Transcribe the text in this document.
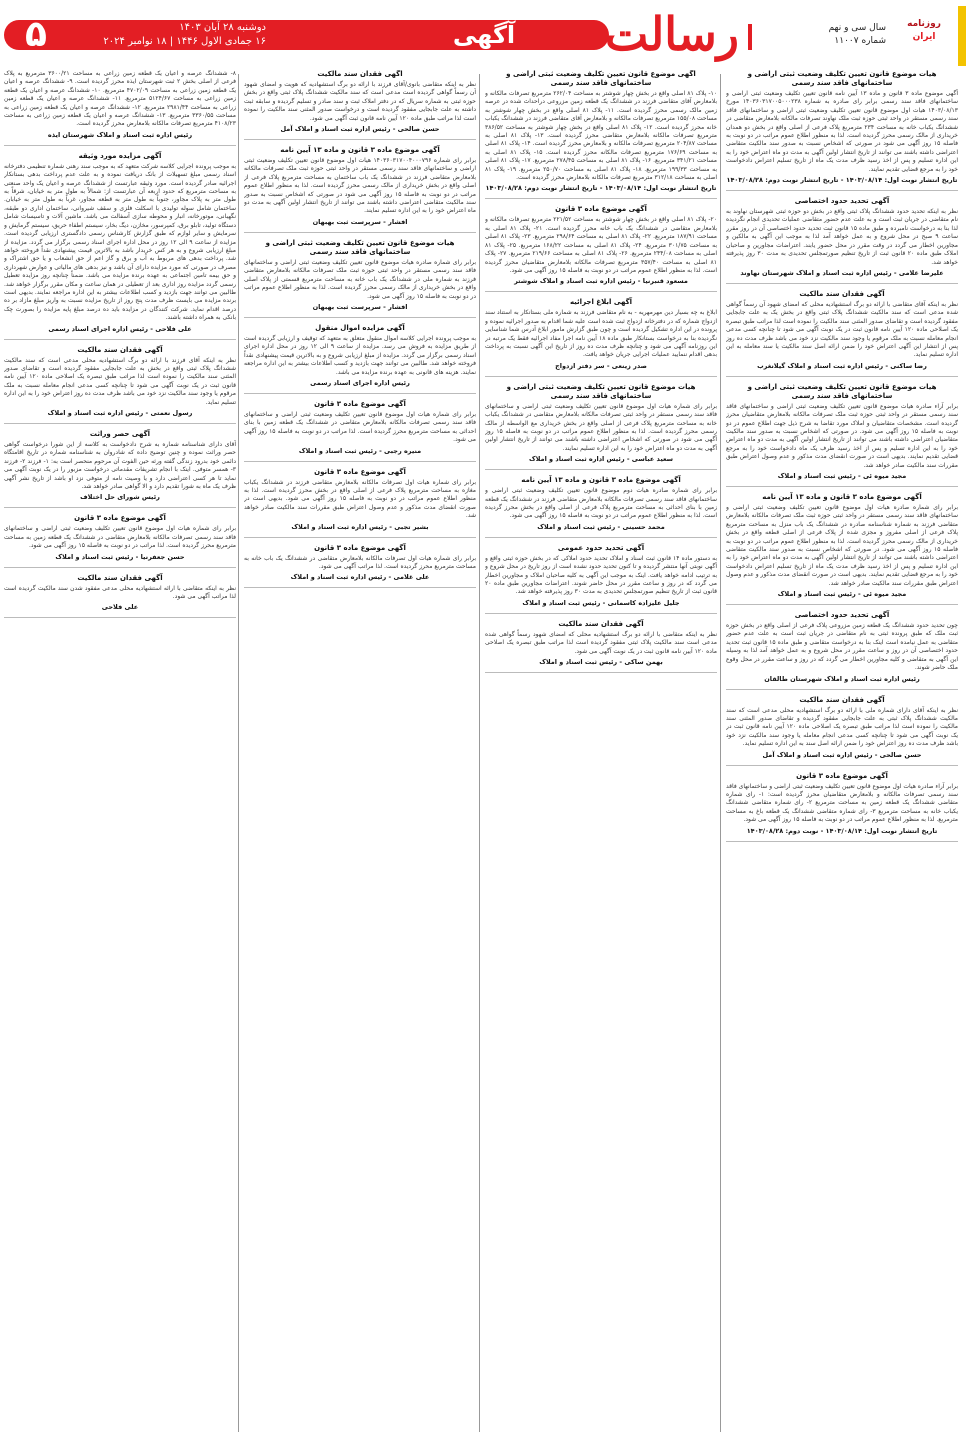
۵	دوشنبه ۲۸ آبان ۱۴۰۳
۱۶ جمادی الاول ۱۴۴۶ | ۱۸ نوامبر ۲۰۲۴	آگهی	رسالت	سال سی و نهم
شماره ۱۱۰۰۷
روزنامه
ایران
هیات موضوع قانون تعیین تکلیف وضعیت ثبتی اراضی و ساختمانهای فاقد سند رسمی

آگهی موضوع ماده ۳ قانون و ماده ۱۳ آیین نامه قانون تعیین تکلیف وضعیت ثبتی اراضی و ساختمانهای فاقد سند رسمی برابر رای صادره به شماره ۱۴۰۳۶۰۳۱۷۰۰۵۰۰۰۲۳۸ مورخ ۱۴۰۳/۰۸/۱۳ هیات اول موضوع قانون تعیین تکلیف وضعیت ثبتی اراضی و ساختمانهای فاقد سند رسمی مستقر در واحد ثبتی حوزه ثبت ملک نهاوند تصرفات مالکانه بلامعارض متقاضی در ششدانگ یکباب خانه به مساحت ۲۳۴ مترمربع پلاک فرعی از اصلی واقع در بخش دو همدان خریداری از مالک رسمی محرز گردیده است. لذا به منظور اطلاع عموم مراتب در دو نوبت به فاصله ۱۵ روز آگهی می شود در صورتی که اشخاص نسبت به صدور سند مالکیت متقاضی اعتراضی داشته باشند می توانند از تاریخ انتشار اولین آگهی به مدت دو ماه اعتراض خود را به این اداره تسلیم و پس از اخذ رسید ظرف مدت یک ماه از تاریخ تسلیم اعتراض دادخواست خود را به مرجع قضایی تقدیم نمایند.

تاریخ انتشار نوبت اول: ۱۴۰۳/۰۸/۱۴ - تاریخ انتشار نوبت دوم: ۱۴۰۳/۰۸/۲۸
آگهی تحدید حدود اختصاصی

نظر به اینکه تحدید حدود ششدانگ پلاک ثبتی واقع در بخش دو حوزه ثبتی شهرستان نهاوند به نام متقاضی در جریان ثبت است و به علت عدم حضور متقاضی عملیات تحدیدی انجام نگردیده لذا بنا به درخواست نامبرده و طبق ماده ۱۵ قانون ثبت تحدید حدود اختصاصی آن در روز مقرر ساعت ۹ صبح در محل شروع و به عمل خواهد آمد لذا به موجب این آگهی به مالکین و مجاورین اخطار می گردد در وقت مقرر در محل حضور یابند. اعتراضات مجاورین و صاحبان املاک طبق ماده ۲۰ قانون ثبت از تاریخ تنظیم صورتمجلس تحدیدی به مدت ۳۰ روز پذیرفته خواهد شد.

علیرضا غلامی - رئیس اداره ثبت اسناد و املاک شهرستان نهاوند
آگهی فقدان سند مالکیت

نظر به اینکه آقای متقاضی با ارائه دو برگ استشهادیه محلی که امضای شهود آن رسماً گواهی شده مدعی است که سند مالکیت ششدانگ پلاک ثبتی واقع در بخش یک به علت جابجایی مفقود گردیده است و تقاضای صدور المثنی سند مالکیت را نموده است لذا مراتب طبق تبصره یک اصلاحی ماده ۱۲۰ آیین نامه قانون ثبت در یک نوبت آگهی می شود تا چنانچه کسی مدعی انجام معامله نسبت به ملک مرقوم یا وجود سند مالکیت نزد خود می باشد ظرف مدت ده روز پس از انتشار این آگهی اعتراض خود را ضمن ارائه اصل سند مالکیت یا سند معامله به این اداره تسلیم نماید.

رضا ساکنی - رئیس اداره ثبت اسناد و املاک گیلانغرب
هیات موضوع قانون تعیین تکلیف وضعیت ثبتی اراضی و ساختمانهای فاقد سند رسمی

برابر آراء صادره هیات موضوع قانون تعیین تکلیف وضعیت ثبتی اراضی و ساختمانهای فاقد سند رسمی مستقر در واحد ثبتی حوزه ثبت ملک تصرفات مالکانه بلامعارض متقاضیان محرز گردیده است. مشخصات متقاضیان و املاک مورد تقاضا به شرح ذیل جهت اطلاع عموم در دو نوبت به فاصله ۱۵ روز آگهی می شود. در صورتی که اشخاص نسبت به صدور سند مالکیت متقاضیان اعتراضی داشته باشند می توانند از تاریخ انتشار اولین آگهی به مدت دو ماه اعتراض خود را به این اداره تسلیم و پس از اخذ رسید ظرف یک ماه دادخواست خود را به مرجع قضایی تقدیم نمایند. بدیهی است در صورت انقضای مدت مذکور و عدم وصول اعتراض طبق مقررات سند مالکیت صادر خواهد شد.

مجید میوه ئی - رئیس ثبت اسناد و املاک
آگهی موضوع ماده ۳ قانون و ماده ۱۳ آیین نامه

برابر رای شماره صادره هیات اول موضوع قانون تعیین تکلیف وضعیت ثبتی اراضی و ساختمانهای فاقد سند رسمی مستقر در واحد ثبتی حوزه ثبت ملک تصرفات مالکانه بلامعارض متقاضی فرزند به شماره شناسنامه صادره در ششدانگ یک باب منزل به مساحت مترمربع پلاک فرعی از اصلی مفروز و مجزی شده از پلاک فرعی از اصلی قطعه واقع در بخش خریداری از مالک رسمی محرز گردیده است. لذا به منظور اطلاع عموم مراتب در دو نوبت به فاصله ۱۵ روز آگهی می شود. در صورتی که اشخاص نسبت به صدور سند مالکیت متقاضی اعتراضی داشته باشند می توانند از تاریخ انتشار اولین آگهی به مدت دو ماه اعتراض خود را به این اداره تسلیم و پس از اخذ رسید ظرف مدت یک ماه از تاریخ تسلیم اعتراض دادخواست خود را به مرجع قضایی تقدیم نمایند. بدیهی است در صورت انقضای مدت مذکور و عدم وصول اعتراض طبق مقررات سند مالکیت صادر خواهد شد.

مجید میوه ئی - رئیس ثبت اسناد و املاک
آگهی تحدید حدود اختصاصی

چون تحدید حدود ششدانگ یک قطعه زمین مزروعی پلاک فرعی از اصلی واقع در بخش حوزه ثبت ملک که طبق پرونده ثبتی به نام متقاضی در جریان ثبت است به علت عدم حضور متقاضی به عمل نیامده است اینک بنا به درخواست متقاضی و طبق ماده ۱۵ قانون ثبت تحدید حدود اختصاصی آن در روز و ساعت مقرر در محل شروع و به عمل خواهد آمد لذا به وسیله این آگهی به متقاضی و کلیه مجاورین اخطار می گردد که در روز و ساعت مقرر در محل وقوع ملک حاضر شوند.

رئیس اداره ثبت اسناد و املاک شهرستان طالقان
آگهی فقدان سند مالکیت

نظر به اینکه آقای دارای شماره ملی با ارائه دو برگ استشهادیه محلی مدعی است که سند مالکیت ششدانگ پلاک ثبتی به علت جابجایی مفقود گردیده و تقاضای صدور المثنی سند مالکیت را نموده است لذا مراتب طبق تبصره یک اصلاحی ماده ۱۲۰ آیین نامه قانون ثبت در یک نوبت آگهی می شود تا چنانچه کسی مدعی انجام معامله یا وجود سند مالکیت نزد خود باشد ظرف مدت ده روز اعتراض خود را ضمن ارائه اصل سند به این اداره تسلیم نماید.

حسن صالحی - رئیس اداره ثبت اسناد و املاک آمل
آگهی موضوع ماده ۳ قانون

برابر آراء صادره هیات اول موضوع قانون تعیین تکلیف وضعیت ثبتی اراضی و ساختمانهای فاقد سند رسمی تصرفات مالکانه و بلامعارض متقاضیان محرز گردیده است: ۱- رای شماره متقاضی ششدانگ یک قطعه زمین به مساحت مترمربع ۲- رای شماره متقاضی ششدانگ یکباب خانه به مساحت مترمربع ۳- رای شماره متقاضی ششدانگ یک قطعه باغ به مساحت مترمربع. لذا به منظور اطلاع عموم مراتب در دو نوبت به فاصله ۱۵ روز آگهی می شود.

تاریخ انتشار نوبت اول: ۱۴۰۳/۰۸/۱۴ - نوبت دوم: ۱۴۰۳/۰۸/۲۸
آگهی موضوع قانون تعیین تکلیف وضعیت ثبتی اراضی و ساختمانهای فاقد سند رسمی

۱۰- پلاک ۸۱ اصلی واقع در بخش چهار شوشتر به مساحت ۲۶۲/۰۴ مترمربع تصرفات مالکانه و بلامعارض آقای متقاضی فرزند در ششدانگ یک قطعه زمین مزروعی دراحداث شده در عرصه زمین مالک رسمی محرز گردیده است. ۱۱- پلاک ۸۱ اصلی واقع در بخش چهار شوشتر به مساحت ۱۵۵/۰۸ مترمربع تصرفات مالکانه و بلامعارض آقای متقاضی فرزند در ششدانگ یکباب خانه محرز گردیده است. ۱۲- پلاک ۸۱ اصلی واقع در بخش چهار شوشتر به مساحت ۳۸۶/۵۲ مترمربع تصرفات مالکانه بلامعارض متقاضی محرز گردیده است. ۱۳- پلاک ۸۱ اصلی به مساحت ۲۰۴/۸۷ مترمربع تصرفات مالکانه و بلامعارض محرز گردیده است. ۱۴- پلاک ۸۱ اصلی به مساحت ۱۷۶/۶۹ مترمربع تصرفات مالکانه محرز گردیده است. ۱۵- پلاک ۸۱ اصلی به مساحت ۳۴۱/۲۱ مترمربع. ۱۶- پلاک ۸۱ اصلی به مساحت ۲۷۸/۴۵ مترمربع. ۱۷- پلاک ۸۱ اصلی به مساحت ۱۹۹/۳۳ مترمربع. ۱۸- پلاک ۸۱ اصلی به مساحت ۲۵۰/۷۰ مترمربع. ۱۹- پلاک ۸۱ اصلی به مساحت ۳۱۲/۱۸ مترمربع تصرفات مالکانه بلامعارض محرز گردیده است.

تاریخ انتشار نوبت اول: ۱۴۰۳/۰۸/۱۴ - تاریخ انتشار نوبت دوم: ۱۴۰۳/۰۸/۲۸
آگهی موضوع ماده ۳ قانون

۲۰- پلاک ۸۱ اصلی واقع در بخش چهار شوشتر به مساحت ۲۲۱/۵۲ مترمربع تصرفات مالکانه و بلامعارض متقاضی در ششدانگ یک باب خانه محرز گردیده است. ۲۱- پلاک ۸۱ اصلی به مساحت ۱۸۷/۹۱ مترمربع. ۲۲- پلاک ۸۱ اصلی به مساحت ۲۹۸/۶۴ مترمربع. ۲۳- پلاک ۸۱ اصلی به مساحت ۳۰۱/۷۵ مترمربع. ۲۴- پلاک ۸۱ اصلی به مساحت ۱۶۸/۲۲ مترمربع. ۲۵- پلاک ۸۱ اصلی به مساحت ۲۴۴/۰۸ مترمربع. ۲۶- پلاک ۸۱ اصلی به مساحت ۲۱۹/۶۶ مترمربع. ۲۷- پلاک ۸۱ اصلی به مساحت ۳۵۷/۴۰ مترمربع تصرفات مالکانه بلامعارض متقاضیان محرز گردیده است. لذا به منظور اطلاع عموم مراتب در دو نوبت به فاصله ۱۵ روز آگهی می شود.

مسعود قنبرنیا - رئیس اداره ثبت اسناد و املاک شوشتر
آگهی ابلاغ اجرائیه

ابلاغ به چه بسیار دین مهرمهریه - به نام متقاضی فرزند به شماره ملی بستانکار به استناد سند ازدواج شماره که در دفترخانه ازدواج ثبت شده است علیه شما اقدام به صدور اجرائیه نموده و پرونده در این اداره تشکیل گردیده است و چون طبق گزارش مامور ابلاغ آدرس شما شناسایی نگردیده بنا به درخواست بستانکار طبق ماده ۱۸ آیین نامه اجرا مفاد اجرائیه فقط یک مرتبه در این روزنامه آگهی می شود و چنانچه ظرف مدت ده روز از تاریخ این آگهی نسبت به پرداخت بدهی اقدام ننمایید عملیات اجرایی جریان خواهد یافت.

صدر زینعی - سر دفتر ازدواج
هیات موضوع قانون تعیین تکلیف وضعیت ثبتی اراضی و ساختمانهای فاقد سند رسمی

برابر رای شماره هیات اول موضوع قانون تعیین تکلیف وضعیت ثبتی اراضی و ساختمانهای فاقد سند رسمی مستقر در واحد ثبتی تصرفات مالکانه بلامعارض متقاضی در ششدانگ یکباب خانه به مساحت مترمربع پلاک فرعی از اصلی واقع در بخش خریداری مع الواسطه از مالک رسمی محرز گردیده است. لذا به منظور اطلاع عموم مراتب در دو نوبت به فاصله ۱۵ روز آگهی می شود در صورتی که اشخاص اعتراضی داشته باشند می توانند از تاریخ انتشار اولین آگهی به مدت دو ماه اعتراض خود را به این اداره تسلیم نمایند.

سعید عباسی - رئیس اداره ثبت اسناد و املاک
آگهی موضوع ماده ۳ قانون و ماده ۱۳ آیین نامه

برابر رای شماره صادره هیات دوم موضوع قانون تعیین تکلیف وضعیت ثبتی اراضی و ساختمانهای فاقد سند رسمی تصرفات مالکانه بلامعارض متقاضی فرزند در ششدانگ یک قطعه زمین با بنای احداثی به مساحت مترمربع پلاک فرعی از اصلی واقع در بخش محرز گردیده است. لذا به منظور اطلاع عموم مراتب در دو نوبت به فاصله ۱۵ روز آگهی می شود.

محمد حسینی - رئیس ثبت اسناد و املاک
آگهی تحدید حدود عمومی

به دستور ماده ۱۴ قانون ثبت اسناد و املاک تحدید حدود املاکی که در بخش حوزه ثبتی واقع و آگهی نوبتی آنها منتشر گردیده و تا کنون تحدید حدود نشده است از روز تاریخ در محل شروع و به ترتیب ادامه خواهد یافت. اینک به موجب این آگهی به کلیه صاحبان املاک و مجاورین اخطار می گردد که در روز و ساعت مقرر در محل حاضر شوند. اعتراضات مجاورین طبق ماده ۲۰ قانون ثبت از تاریخ تنظیم صورتمجلس تحدیدی به مدت ۳۰ روز پذیرفته خواهد شد.

جلیل علیزاده کاسمانی - رئیس ثبت اسناد و املاک
آگهی فقدان سند مالکیت

نظر به اینکه متقاضی با ارائه دو برگ استشهادیه محلی که امضای شهود رسماً گواهی شده مدعی است سند مالکیت پلاک ثبتی مفقود گردیده است لذا مراتب طبق تبصره یک اصلاحی ماده ۱۲۰ آیین نامه قانون ثبت در یک نوبت آگهی می شود.

بهمن ساکی - رئیس ثبت اسناد و املاک
آگهی فقدان سند مالکیت

نظر به اینکه متقاضی بانوی/آقای فرزند با ارائه دو برگ استشهادیه که هویت و امضای شهود آن رسماً گواهی گردیده است مدعی است که سند مالکیت ششدانگ پلاک ثبتی واقع در بخش حوزه ثبتی به شماره سریال که در دفتر املاک ثبت و سند صادر و تسلیم گردیده و سابقه ثبت داشته به علت جابجایی مفقود گردیده است و درخواست صدور المثنی سند مالکیت را نموده است لذا مراتب طبق ماده ۱۲۰ آیین نامه قانون ثبت آگهی می شود.

حسن صالحی - رئیس اداره ثبت اسناد و املاک آمل
آگهی موضوع ماده ۳ قانون و ماده ۱۳ آیین نامه

برابر رای شماره ۱۴۰۳۶۰۳۱۷۰۰۴۰۰۰۷۹۶ هیات اول موضوع قانون تعیین تکلیف وضعیت ثبتی اراضی و ساختمانهای فاقد سند رسمی مستقر در واحد ثبتی حوزه ثبت ملک تصرفات مالکانه بلامعارض متقاضی فرزند در ششدانگ یک باب ساختمان به مساحت مترمربع پلاک فرعی از اصلی واقع در بخش خریداری از مالک رسمی محرز گردیده است. لذا به منظور اطلاع عموم مراتب در دو نوبت به فاصله ۱۵ روز آگهی می شود در صورتی که اشخاص نسبت به صدور سند مالکیت متقاضی اعتراضی داشته باشند می توانند از تاریخ انتشار اولین آگهی به مدت دو ماه اعتراض خود را به این اداره تسلیم نمایند.

افشار - سرپرست ثبت بهبهان
هیات موضوع قانون تعیین تکلیف وضعیت ثبتی اراضی و ساختمانهای فاقد سند رسمی

برابر رای شماره صادره هیات موضوع قانون تعیین تکلیف وضعیت ثبتی اراضی و ساختمانهای فاقد سند رسمی مستقر در واحد ثبتی حوزه ثبت ملک تصرفات مالکانه بلامعارض متقاضی فرزند به شماره ملی در ششدانگ یک باب خانه به مساحت مترمربع قسمتی از پلاک اصلی واقع در بخش خریداری از مالک رسمی محرز گردیده است. لذا به منظور اطلاع عموم مراتب در دو نوبت به فاصله ۱۵ روز آگهی می شود.

افشار - سرپرست ثبت بهبهان
آگهی مزایده اموال منقول

به موجب پرونده اجرایی کلاسه اموال منقول متعلق به متعهد که توقیف و ارزیابی گردیده است از طریق مزایده به فروش می رسد. مزایده از ساعت ۹ الی ۱۲ روز در محل اداره اجرای اسناد رسمی برگزار می گردد. مزایده از مبلغ ارزیابی شروع و به بالاترین قیمت پیشنهادی نقداً فروخته خواهد شد. طالبین می توانند جهت بازدید و کسب اطلاعات بیشتر به این اداره مراجعه نمایند. هزینه های قانونی به عهده برنده مزایده می باشد.

رئیس اداره اجرای اسناد رسمی
آگهی موضوع ماده ۳ قانون

برابر رای شماره هیات اول موضوع قانون تعیین تکلیف وضعیت ثبتی اراضی و ساختمانهای فاقد سند رسمی تصرفات مالکانه بلامعارض متقاضی در ششدانگ یک قطعه زمین با بنای احداثی به مساحت مترمربع محرز گردیده است. لذا مراتب در دو نوبت به فاصله ۱۵ روز آگهی می شود.

منیره رجبی - رئیس ثبت اسناد و املاک
آگهی موضوع ماده ۳ قانون

برابر رای شماره هیات اول تصرفات مالکانه بلامعارض متقاضی فرزند در ششدانگ یکباب مغازه به مساحت مترمربع پلاک فرعی از اصلی واقع در بخش محرز گردیده است. لذا به منظور اطلاع عموم مراتب در دو نوبت به فاصله ۱۵ روز آگهی می شود. بدیهی است در صورت انقضای مدت مذکور و عدم وصول اعتراض طبق مقررات سند مالکیت صادر خواهد شد.

بشیر تجبی - رئیس اداره ثبت اسناد و املاک
آگهی موضوع ماده ۳ قانون

برابر رای شماره هیات اول تصرفات مالکانه بلامعارض متقاضی در ششدانگ یک باب خانه به مساحت مترمربع محرز گردیده است. لذا مراتب آگهی می شود.

علی غلامی - رئیس اداره ثبت اسناد و املاک

۸- ششدانگ عرصه و اعیان یک قطعه زمین زراعی به مساحت ۳۶۰۰/۲۱ مترمربع به پلاک فرعی از اصلی بخش ۲ ثبت شهرستان ایذه محرز گردیده است. ۹- ششدانگ عرصه و اعیان یک قطعه زمین زراعی به مساحت ۴۷۰۲/۰۹ مترمربع. ۱۰- ششدانگ عرصه و اعیان یک قطعه زمین زراعی به مساحت ۵۱۲۴/۶۷ مترمربع. ۱۱- ششدانگ عرصه و اعیان یک قطعه زمین زراعی به مساحت ۲۹۸۱/۴۴ مترمربع. ۱۲- ششدانگ عرصه و اعیان یک قطعه زمین زراعی به مساحت ۳۳۶۰/۵۵ مترمربع. ۱۳- ششدانگ عرصه و اعیان یک قطعه زمین زراعی به مساحت ۴۱۰۸/۲۳ مترمربع تصرفات مالکانه بلامعارض محرز گردیده است.

رئیس اداره ثبت اسناد و املاک شهرستان ایذه
آگهی مزایده مورد وثیقه

به موجب پرونده اجرایی کلاسه شرکت متعهد که به موجب سند رهنی شماره تنظیمی دفترخانه اسناد رسمی مبلغ تسهیلات از بانک دریافت نموده و به علت عدم پرداخت بدهی بستانکار اجرائیه صادر گردیده است. مورد وثیقه عبارتست از ششدانگ عرصه و اعیان یک واحد صنعتی به مساحت مترمربع که حدود اربعه آن عبارتست از: شمالاً به طول متر به خیابان، شرقاً به طول متر به پلاک مجاور، جنوباً به طول متر به قطعه مجاور، غرباً به طول متر به خیابان. ساختمان شامل سوله تولیدی با اسکلت فلزی و سقف شیروانی، ساختمان اداری دو طبقه، نگهبانی، موتورخانه، انبار و محوطه سازی آسفالت می باشد. ماشین آلات و تاسیسات شامل دستگاه تولید، تابلو برق، کمپرسور، مخازن، دیگ بخار، سیستم اطفاء حریق، سیستم گرمایش و سرمایش و سایر لوازم که طبق گزارش کارشناس رسمی دادگستری ارزیابی گردیده است. مزایده از ساعت ۹ الی ۱۲ روز در محل اداره اجرای اسناد رسمی برگزار می گردد. مزایده از مبلغ ارزیابی شروع و به هر کس خریدار باشد به بالاترین قیمت پیشنهادی نقداً فروخته خواهد شد. پرداخت بدهی های مربوط به آب و برق و گاز اعم از حق انشعاب و یا حق اشتراک و مصرف در صورتی که مورد مزایده دارای آن باشد و نیز بدهی های مالیاتی و عوارض شهرداری و حق بیمه تامین اجتماعی به عهده برنده مزایده می باشد. ضمناً چنانچه روز مزایده تعطیل رسمی گردد مزایده روز اداری بعد از تعطیلی در همان ساعت و مکان مقرر برگزار خواهد شد. طالبین می توانند جهت بازدید و کسب اطلاعات بیشتر به این اداره مراجعه نمایند. بدیهی است برنده مزایده می بایست ظرف مدت پنج روز از تاریخ مزایده نسبت به واریز مبلغ مازاد بر ده درصد اقدام نماید. شرکت کنندگان در مزایده باید ده درصد مبلغ پایه مزایده را بصورت چک بانکی به همراه داشته باشند.

علی فلاحی - رئیس اداره اجرای اسناد رسمی
آگهی فقدان سند مالکیت

نظر به اینکه آقای فرزند با ارائه دو برگ استشهادیه محلی مدعی است که سند مالکیت ششدانگ پلاک ثبتی واقع در بخش به علت جابجایی مفقود گردیده است و تقاضای صدور المثنی سند مالکیت را نموده است لذا مراتب طبق تبصره یک اصلاحی ماده ۱۲۰ آیین نامه قانون ثبت در یک نوبت آگهی می شود تا چنانچه کسی مدعی انجام معامله نسبت به ملک مرقوم یا وجود سند مالکیت نزد خود می باشد ظرف مدت ده روز اعتراض خود را به این اداره تسلیم نماید.

رسول نعمتی - رئیس اداره ثبت اسناد و املاک
آگهی حصر وراثت

آقای دارای شناسنامه شماره به شرح دادخواست به کلاسه از این شورا درخواست گواهی حصر وراثت نموده و چنین توضیح داده که شادروان به شناسنامه شماره در تاریخ اقامتگاه دائمی خود بدرود زندگی گفته ورثه حین الفوت آن مرحوم منحصر است به: ۱- فرزند ۲- فرزند ۳- همسر متوفی. اینک با انجام تشریفات مقدماتی درخواست مزبور را در یک نوبت آگهی می نماید تا هر کسی اعتراضی دارد و یا وصیت نامه از متوفی نزد او باشد از تاریخ نشر آگهی ظرف یک ماه به شورا تقدیم دارد و الا گواهی صادر خواهد شد.

رئیس شورای حل اختلاف
آگهی موضوع ماده ۳ قانون

برابر رای شماره هیات اول موضوع قانون تعیین تکلیف وضعیت ثبتی اراضی و ساختمانهای فاقد سند رسمی تصرفات مالکانه بلامعارض متقاضی در ششدانگ یک قطعه زمین به مساحت مترمربع محرز گردیده است. لذا مراتب در دو نوبت به فاصله ۱۵ روز آگهی می شود.

حسن جعفرنیا - رئیس ثبت اسناد و املاک
آگهی فقدان سند مالکیت

نظر به اینکه متقاضی با ارائه استشهادیه محلی مدعی مفقود شدن سند مالکیت گردیده است لذا مراتب آگهی می شود.

علی فلاحی
